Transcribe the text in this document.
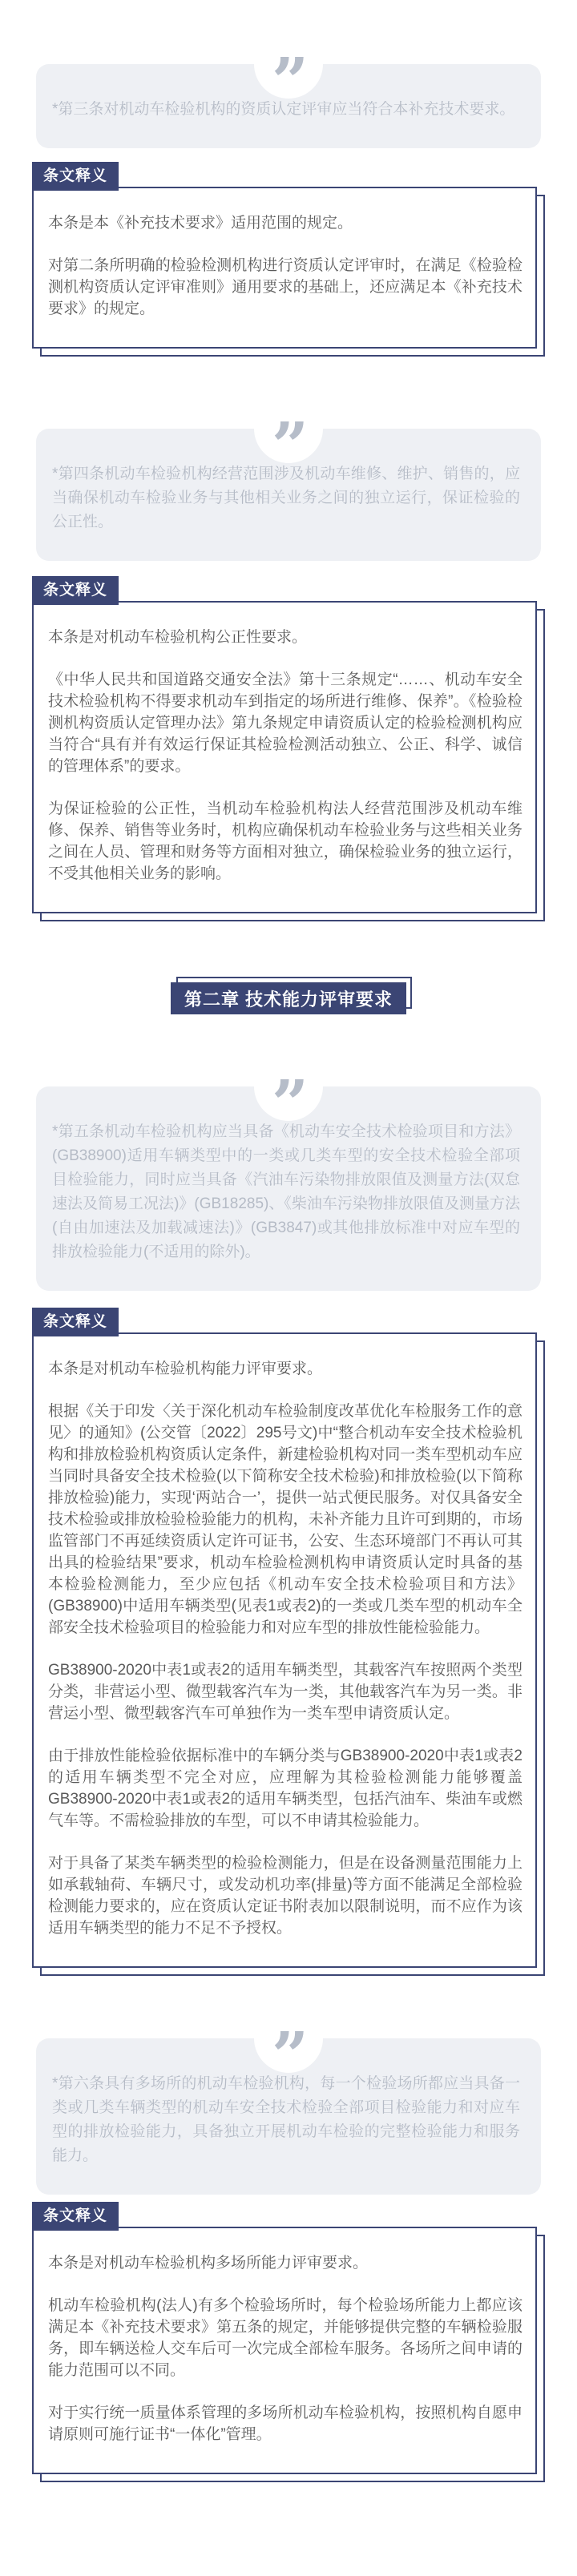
”
*第三条对机动车检验机构的资质认定评审应当符合本补充技术要求。
条文释义

本条是本《补充技术要求》适用范围的规定。

对第二条所明确的检验检测机构进行资质认定评审时，在满足《检验检测机构资质认定评审准则》通用要求的基础上，还应满足本《补充技术要求》的规定。

”
*第四条机动车检验机构经营范围涉及机动车维修、维护、销售的，应当确保机动车检验业务与其他相关业务之间的独立运行，保证检验的公正性。
条文释义

本条是对机动车检验机构公正性要求。

《中华人民共和国道路交通安全法》第十三条规定“……、机动车安全技术检验机构不得要求机动车到指定的场所进行维修、保养”。《检验检测机构资质认定管理办法》第九条规定申请资质认定的检验检测机构应当符合“具有并有效运行保证其检验检测活动独立、公正、科学、诚信的管理体系”的要求。

为保证检验的公正性，当机动车检验机构法人经营范围涉及机动车维修、保养、销售等业务时，机构应确保机动车检验业务与这些相关业务之间在人员、管理和财务等方面相对独立，确保检验业务的独立运行，不受其他相关业务的影响。

第二章 技术能力评审要求
”
*第五条机动车检验机构应当具备《机动车安全技术检验项目和方法》(GB38900)适用车辆类型中的一类或几类车型的安全技术检验全部项目检验能力，同时应当具备《汽油车污染物排放限值及测量方法(双怠速法及简易工况法)》(GB18285)、《柴油车污染物排放限值及测量方法(自由加速法及加载减速法)》(GB3847)或其他排放标准中对应车型的排放检验能力(不适用的除外)。
条文释义

本条是对机动车检验机构能力评审要求。

根据《关于印发〈关于深化机动车检验制度改革优化车检服务工作的意见〉的通知》(公交管〔2022〕295号文)中“整合机动车安全技术检验机构和排放检验机构资质认定条件，新建检验机构对同一类车型机动车应当同时具备安全技术检验(以下简称安全技术检验)和排放检验(以下简称排放检验)能力，实现‘两站合一’，提供一站式便民服务。对仅具备安全技术检验或排放检验检验能力的机构，未补齐能力且许可到期的，市场监管部门不再延续资质认定许可证书，公安、生态环境部门不再认可其出具的检验结果”要求，机动车检验检测机构申请资质认定时具备的基本检验检测能力，至少应包括《机动车安全技术检验项目和方法》(GB38900)中适用车辆类型(见表1或表2)的一类或几类车型的机动车全部安全技术检验项目的检验能力和对应车型的排放性能检验能力。

GB38900-2020中表1或表2的适用车辆类型，其载客汽车按照两个类型分类，非营运小型、微型载客汽车为一类，其他载客汽车为另一类。非营运小型、微型载客汽车可单独作为一类车型申请资质认定。

由于排放性能检验依据标准中的车辆分类与GB38900-2020中表1或表2的适用车辆类型不完全对应，应理解为其检验检测能力能够覆盖GB38900-2020中表1或表2的适用车辆类型，包括汽油车、柴油车或燃气车等。不需检验排放的车型，可以不申请其检验能力。

对于具备了某类车辆类型的检验检测能力，但是在设备测量范围能力上如承载轴荷、车辆尺寸，或发动机功率(排量)等方面不能满足全部检验检测能力要求的，应在资质认定证书附表加以限制说明，而不应作为该适用车辆类型的能力不足不予授权。

”
*第六条具有多场所的机动车检验机构，每一个检验场所都应当具备一类或几类车辆类型的机动车安全技术检验全部项目检验能力和对应车型的排放检验能力，具备独立开展机动车检验的完整检验能力和服务能力。
条文释义

本条是对机动车检验机构多场所能力评审要求。

机动车检验机构(法人)有多个检验场所时，每个检验场所能力上都应该满足本《补充技术要求》第五条的规定，并能够提供完整的车辆检验服务，即车辆送检人交车后可一次完成全部检车服务。各场所之间申请的能力范围可以不同。

对于实行统一质量体系管理的多场所机动车检验机构，按照机构自愿申请原则可施行证书“一体化”管理。
